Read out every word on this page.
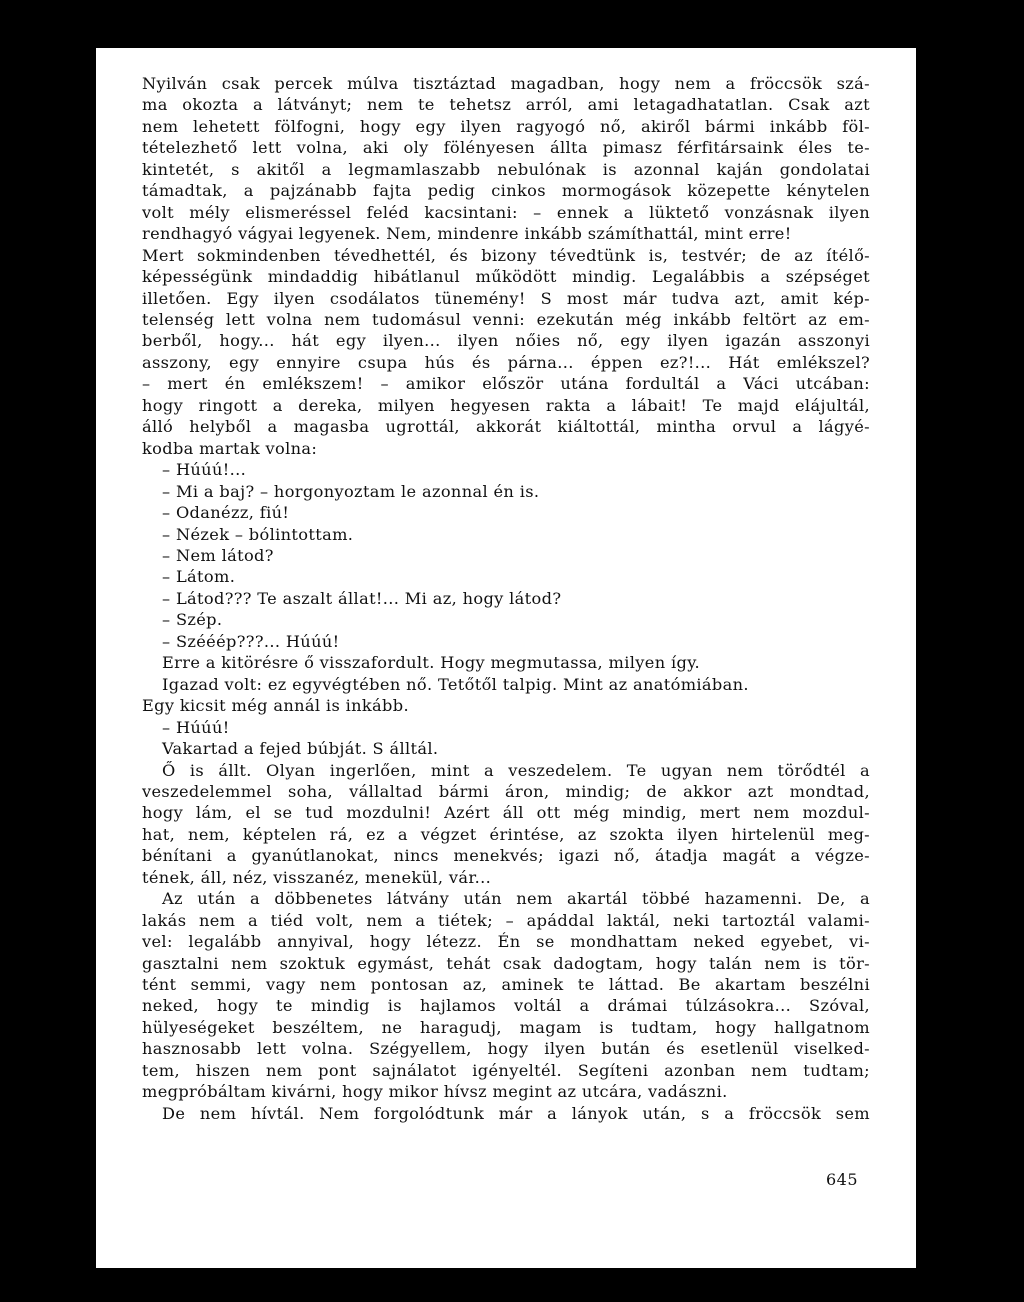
Nyilván csak percek múlva tisztáztad magadban, hogy nem a fröccsök szá-
ma okozta a látványt; nem te tehetsz arról, ami letagadhatatlan. Csak azt
nem lehetett fölfogni, hogy egy ilyen ragyogó nő, akiről bármi inkább föl-
tételezhető lett volna, aki oly fölényesen állta pimasz férfitársaink éles te-
kintetét, s akitől a legmamlaszabb nebulónak is azonnal kaján gondolatai
támadtak, a pajzánabb fajta pedig cinkos mormogások közepette kénytelen
volt mély elismeréssel feléd kacsintani: – ennek a lüktető vonzásnak ilyen
rendhagyó vágyai legyenek. Nem, mindenre inkább számíthattál, mint erre!
Mert sokmindenben tévedhettél, és bizony tévedtünk is, testvér; de az ítélő-
képességünk mindaddig hibátlanul működött mindig. Legalábbis a szépséget
illetően. Egy ilyen csodálatos tünemény! S most már tudva azt, amit kép-
telenség lett volna nem tudomásul venni: ezekután még inkább feltört az em-
berből, hogy... hát egy ilyen... ilyen nőies nő, egy ilyen igazán asszonyi
asszony, egy ennyire csupa hús és párna... éppen ez?!... Hát emlékszel?
– mert én emlékszem! – amikor először utána fordultál a Váci utcában:
hogy ringott a dereka, milyen hegyesen rakta a lábait! Te majd elájultál,
álló helyből a magasba ugrottál, akkorát kiáltottál, mintha orvul a lágyé-
kodba martak volna:
– Húúú!...
– Mi a baj? – horgonyoztam le azonnal én is.
– Odanézz, fiú!
– Nézek – bólintottam.
– Nem látod?
– Látom.
– Látod??? Te aszalt állat!... Mi az, hogy látod?
– Szép.
– Szééép???... Húúú!
Erre a kitörésre ő visszafordult. Hogy megmutassa, milyen így.
Igazad volt: ez egyvégtében nő. Tetőtől talpig. Mint az anatómiában.
Egy kicsit még annál is inkább.
– Húúú!
Vakartad a fejed búbját. S álltál.
Ő is állt. Olyan ingerlően, mint a veszedelem. Te ugyan nem törődtél a
veszedelemmel soha, vállaltad bármi áron, mindig; de akkor azt mondtad,
hogy lám, el se tud mozdulni! Azért áll ott még mindig, mert nem mozdul-
hat, nem, képtelen rá, ez a végzet érintése, az szokta ilyen hirtelenül meg-
bénítani a gyanútlanokat, nincs menekvés; igazi nő, átadja magát a végze-
tének, áll, néz, visszanéz, menekül, vár...
Az után a döbbenetes látvány után nem akartál többé hazamenni. De, a
lakás nem a tiéd volt, nem a tiétek; – apáddal laktál, neki tartoztál valami-
vel: legalább annyival, hogy létezz. Én se mondhattam neked egyebet, vi-
gasztalni nem szoktuk egymást, tehát csak dadogtam, hogy talán nem is tör-
tént semmi, vagy nem pontosan az, aminek te láttad. Be akartam beszélni
neked, hogy te mindig is hajlamos voltál a drámai túlzásokra... Szóval,
hülyeségeket beszéltem, ne haragudj, magam is tudtam, hogy hallgatnom
hasznosabb lett volna. Szégyellem, hogy ilyen bután és esetlenül viselked-
tem, hiszen nem pont sajnálatot igényeltél. Segíteni azonban nem tudtam;
megpróbáltam kivárni, hogy mikor hívsz megint az utcára, vadászni.
De nem hívtál. Nem forgolódtunk már a lányok után, s a fröccsök sem
645
